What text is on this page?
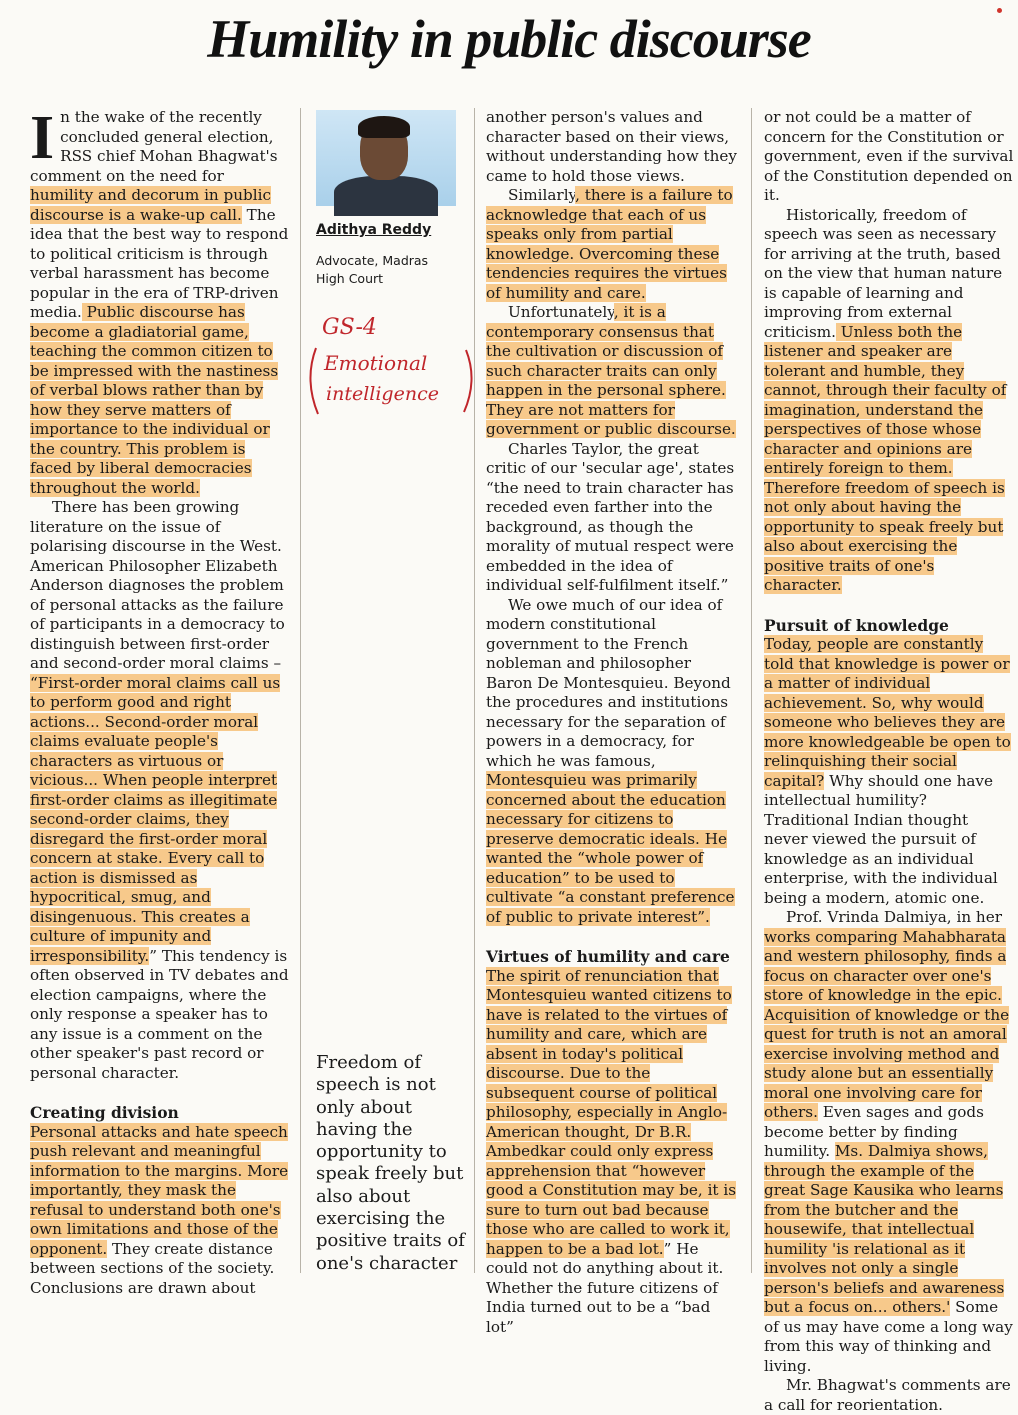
Humility in public discourse

In the wake of the recently concluded general election, RSS chief Mohan Bhagwat's comment on the need for humility and decorum in public discourse is a wake-up call. The idea that the best way to respond to political criticism is through verbal harassment has become popular in the era of TRP-driven media. Public discourse has become a gladiatorial game, teaching the common citizen to be impressed with the nastiness of verbal blows rather than by how they serve matters of importance to the individual or the country. This problem is faced by liberal democracies throughout the world.

There has been growing literature on the issue of polarising discourse in the West. American Philosopher Elizabeth Anderson diagnoses the problem of personal attacks as the failure of participants in a democracy to distinguish between first-order and second-order moral claims – “First-order moral claims call us to perform good and right actions... Second-order moral claims evaluate people's characters as virtuous or vicious... When people interpret first-order claims as illegitimate second-order claims, they disregard the first-order moral concern at stake. Every call to action is dismissed as hypocritical, smug, and disingenuous. This creates a culture of impunity and irresponsibility.” This tendency is often observed in TV debates and election campaigns, where the only response a speaker has to any issue is a comment on the other speaker's past record or personal character.

Creating division

Personal attacks and hate speech push relevant and meaningful information to the margins. More importantly, they mask the refusal to understand both one's own limitations and those of the opponent. They create distance between sections of the society. Conclusions are drawn about

Adithya Reddy
Advocate, Madras
High Court
GS-4
Emotional
intelligence
Freedom of speech is not only about having the opportunity to speak freely but also about exercising the positive traits of one's character

another person's values and character based on their views, without understanding how they came to hold those views.

Similarly, there is a failure to acknowledge that each of us speaks only from partial knowledge. Overcoming these tendencies requires the virtues of humility and care.

Unfortunately, it is a contemporary consensus that the cultivation or discussion of such character traits can only happen in the personal sphere. They are not matters for government or public discourse.

Charles Taylor, the great critic of our 'secular age', states “the need to train character has receded even farther into the background, as though the morality of mutual respect were embedded in the idea of individual self-fulfilment itself.”

We owe much of our idea of modern constitutional government to the French nobleman and philosopher Baron De Montesquieu. Beyond the procedures and institutions necessary for the separation of powers in a democracy, for which he was famous, Montesquieu was primarily concerned about the education necessary for citizens to preserve democratic ideals. He wanted the “whole power of education” to be used to cultivate “a constant preference of public to private interest”.

Virtues of humility and care

The spirit of renunciation that Montesquieu wanted citizens to have is related to the virtues of humility and care, which are absent in today's political discourse. Due to the subsequent course of political philosophy, especially in Anglo-American thought, Dr B.R. Ambedkar could only express apprehension that “however good a Constitution may be, it is sure to turn out bad because those who are called to work it, happen to be a bad lot.” He could not do anything about it. Whether the future citizens of India turned out to be a “bad lot”

or not could be a matter of concern for the Constitution or government, even if the survival of the Constitution depended on it.

Historically, freedom of speech was seen as necessary for arriving at the truth, based on the view that human nature is capable of learning and improving from external criticism. Unless both the listener and speaker are tolerant and humble, they cannot, through their faculty of imagination, understand the perspectives of those whose character and opinions are entirely foreign to them. Therefore freedom of speech is not only about having the opportunity to speak freely but also about exercising the positive traits of one's character.

Pursuit of knowledge

Today, people are constantly told that knowledge is power or a matter of individual achievement. So, why would someone who believes they are more knowledgeable be open to relinquishing their social capital? Why should one have intellectual humility? Traditional Indian thought never viewed the pursuit of knowledge as an individual enterprise, with the individual being a modern, atomic one.

Prof. Vrinda Dalmiya, in her works comparing Mahabharata and western philosophy, finds a focus on character over one's store of knowledge in the epic. Acquisition of knowledge or the quest for truth is not an amoral exercise involving method and study alone but an essentially moral one involving care for others. Even sages and gods become better by finding humility. Ms. Dalmiya shows, through the example of the great Sage Kausika who learns from the butcher and the housewife, that intellectual humility 'is relational as it involves not only a single person's beliefs and awareness but a focus on... others.' Some of us may have come a long way from this way of thinking and living.

Mr. Bhagwat's comments are a call for reorientation.
